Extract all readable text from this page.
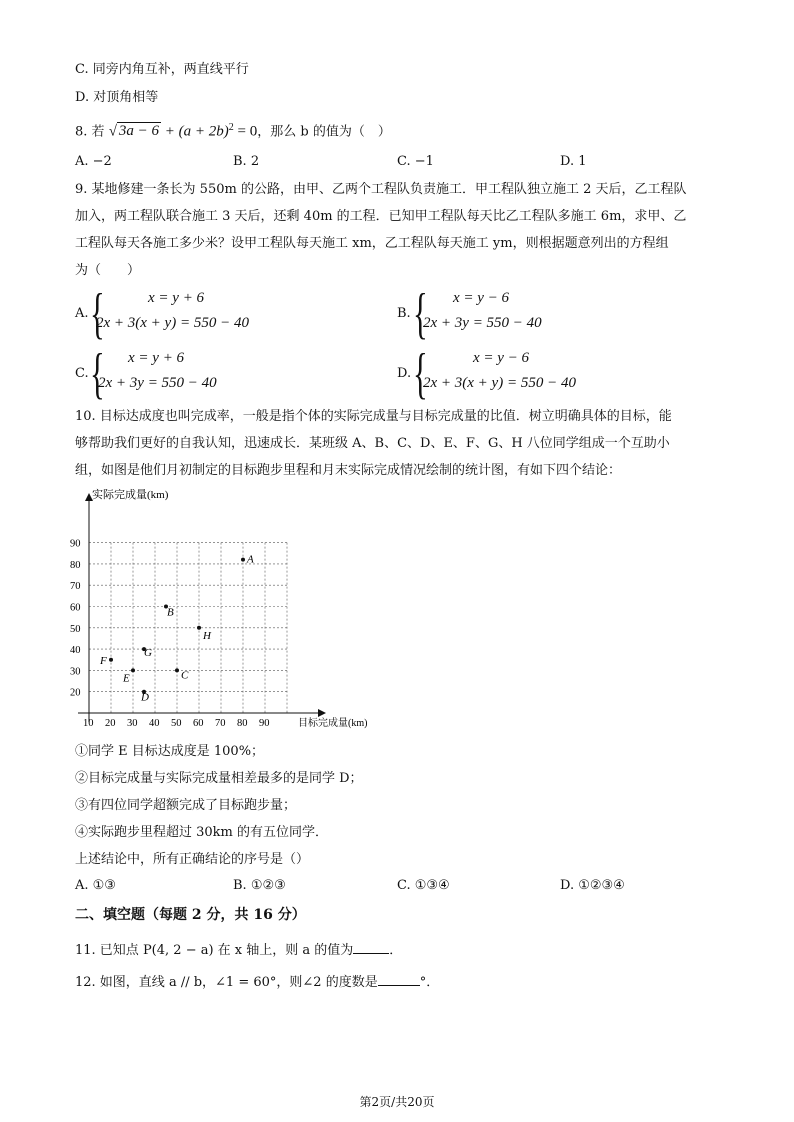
C. 同旁内角互补，两直线平行
D. 对顶角相等
8. 若 √ $3a - 6 + (a + 2b)^2 = 0$，那么 b 的值为（　）
A. −2	B. 2	C. −1	D. 1
9. 某地修建一条长为 550m 的公路，由甲、乙两个工程队负责施工．甲工程队独立施工 2 天后，乙工程队
加入，两工程队联合施工 3 天后，还剩 40m 的工程．已知甲工程队每天比乙工程队多施工 6m，求甲、乙
工程队每天各施工多少米？设甲工程队每天施工 xm，乙工程队每天施工 ym，则根据题意列出的方程组
为（　　）
A. {	x = y + 6
2x + 3(x + y) = 550 − 40
B. { x = y − 6
2x + 3y = 550 − 40
C. { x = y + 6
2x + 3y = 550 − 40
D. {	x = y − 6
2x + 3(x + y) = 550 − 40
10. 目标达成度也叫完成率，一般是指个体的实际完成量与目标完成量的比值．树立明确具体的目标，能
够帮助我们更好的自我认知，迅速成长．某班级 A、B、C、D、E、F、G、H 八位同学组成一个互助小
组，如图是他们月初制定的目标跑步里程和月末实际完成情况绘制的统计图，有如下四个结论：
实际完成量(km)
目标完成量(km)
10 20 30 40 50 60 70 80 90
20
30
40
50
60
70
80
90
A
B
C
D
E
F
G
H
①同学 E 目标达成度是 100%；
②目标完成量与实际完成量相差最多的是同学 D；
③有四位同学超额完成了目标跑步量；
④实际跑步里程超过 30km 的有五位同学．
上述结论中，所有正确结论的序号是（）
A. ①③	B. ①②③	C. ①③④	D. ①②③④
二、填空题（每题 2 分，共 16 分）
11. 已知点 P(4, 2 − a) 在 x 轴上，则 a 的值为	．
12. 如图，直线 a // b，∠1 = 60°，则∠2 的度数是	°．
第2页/共20页
